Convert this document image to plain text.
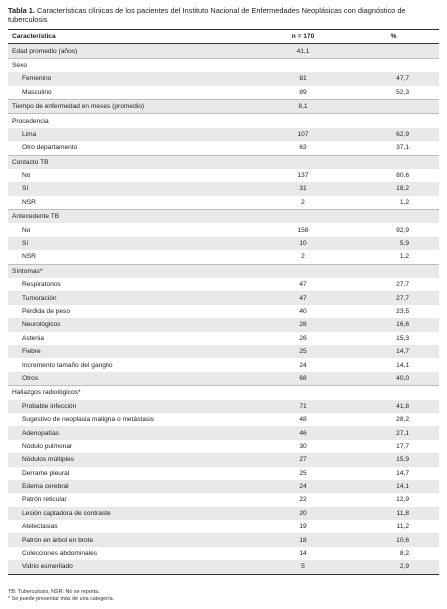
Tabla 1. Características clínicas de los pacientes del Instituto Nacional de Enfermedades Neoplásicas con diagnóstico de tuberculosis

Característica	n = 170	%
Edad promedio (años)	41,1	
Sexo		
Femenino	81	47,7
Masculino	89	52,3
Tiempo de enfermedad en meses (promedio)	8,1	
Procedencia		
Lima	107	62,9
Otro departamento	63	37,1
Contacto TB		
No	137	80,6
Sí	31	18,2
NSR	2	1,2
Antecedente TB		
No	158	92,9
Sí	10	5,9
NSR	2	1,2
Síntomas*		
Respiratorios	47	27,7
Tumoración	47	27,7
Pérdida de peso	40	23,5
Neurológicos	28	16,6
Astenia	26	15,3
Fiebre	25	14,7
Incremento tamaño del ganglio	24	14,1
Otros	68	40,0
Hallazgos radiológicos*		
Probable infección	71	41,8
Sugestivo de neoplasia maligna o metástasis	48	28,2
Adenopatías	46	27,1
Nódulo pulmonar	30	17,7
Nódulos múltiples	27	15,9
Derrame pleural	25	14,7
Edema cerebral	24	14,1
Patrón reticular	22	12,9
Lesión captadora de contraste	20	11,8
Atelectasias	19	11,2
Patrón en árbol en brote	18	10,6
Colecciones abdominales	14	8,2
Vidrio esmerilado	5	2,9
TB: Tuberculosis, NSR: No se reporta.
* Se puede presentar más de una categoría.
